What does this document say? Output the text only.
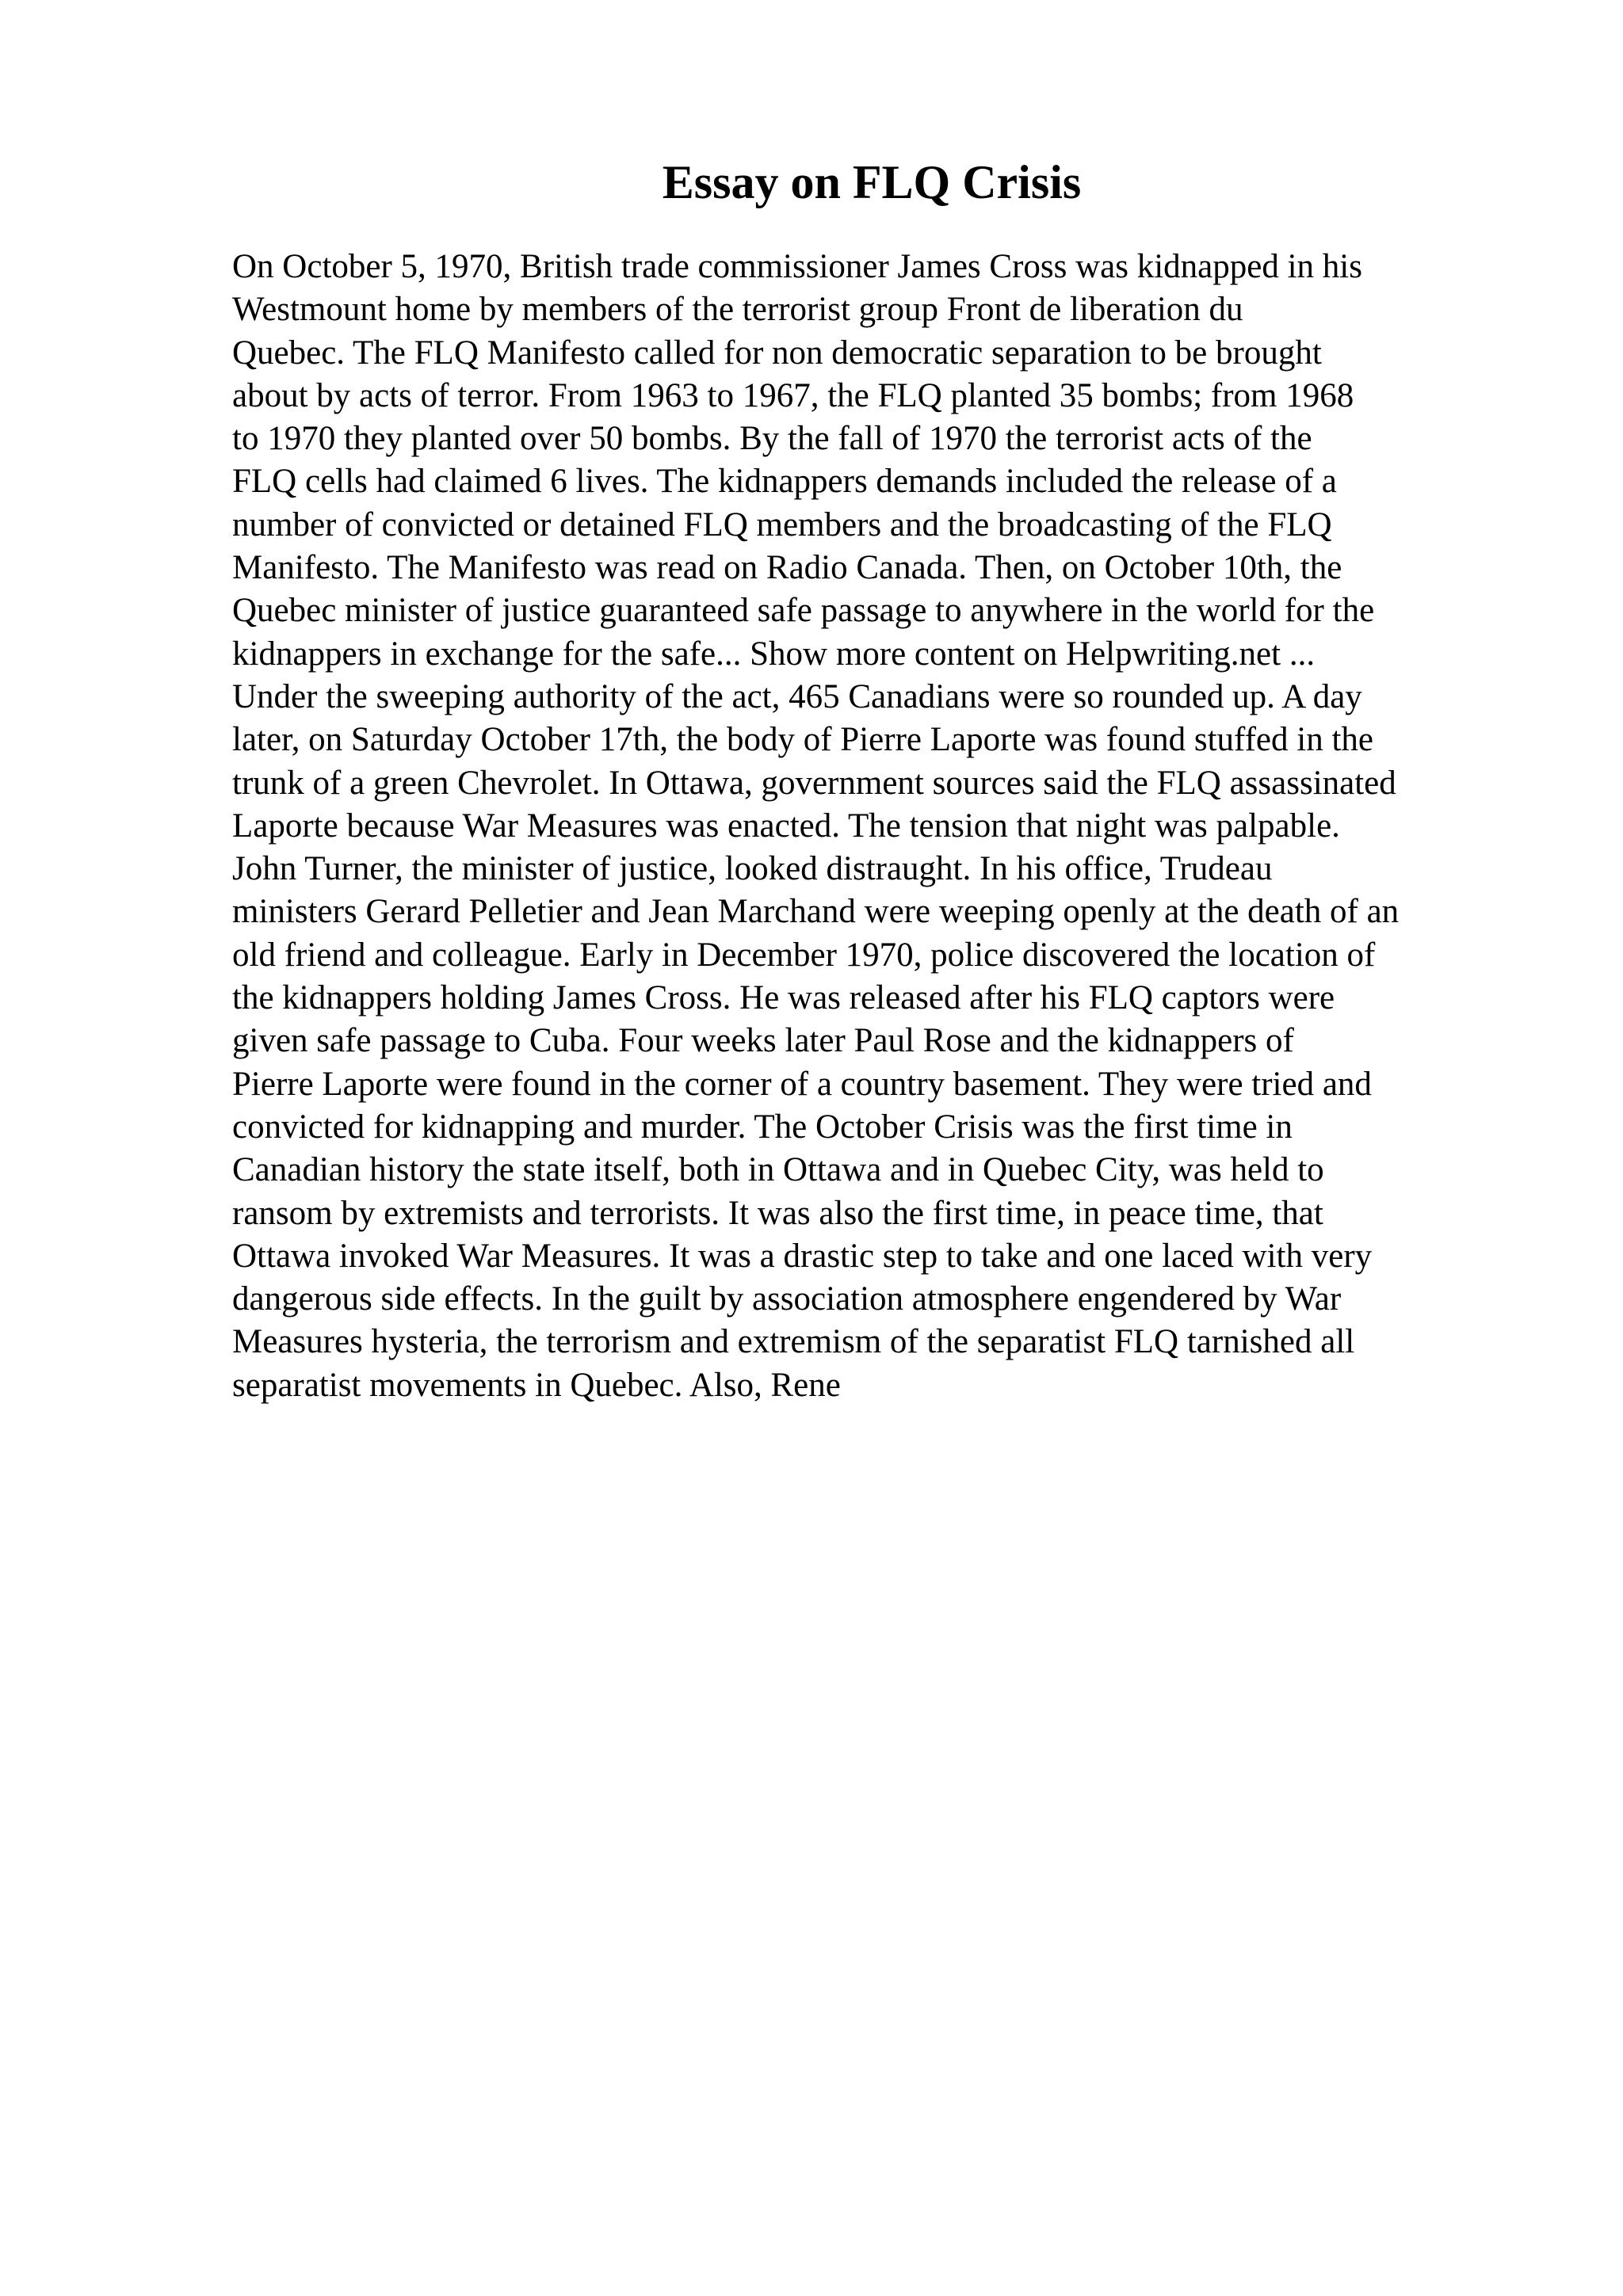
Essay on FLQ Crisis
On October 5, 1970, British trade commissioner James Cross was kidnapped in his
Westmount home by members of the terrorist group Front de liberation du
Quebec. The FLQ Manifesto called for non democratic separation to be brought
about by acts of terror. From 1963 to 1967, the FLQ planted 35 bombs; from 1968
to 1970 they planted over 50 bombs. By the fall of 1970 the terrorist acts of the
FLQ cells had claimed 6 lives. The kidnappers demands included the release of a
number of convicted or detained FLQ members and the broadcasting of the FLQ
Manifesto. The Manifesto was read on Radio Canada. Then, on October 10th, the
Quebec minister of justice guaranteed safe passage to anywhere in the world for the
kidnappers in exchange for the safe... Show more content on Helpwriting.net ...
Under the sweeping authority of the act, 465 Canadians were so rounded up. A day
later, on Saturday October 17th, the body of Pierre Laporte was found stuffed in the
trunk of a green Chevrolet. In Ottawa, government sources said the FLQ assassinated
Laporte because War Measures was enacted. The tension that night was palpable.
John Turner, the minister of justice, looked distraught. In his office, Trudeau
ministers Gerard Pelletier and Jean Marchand were weeping openly at the death of an
old friend and colleague. Early in December 1970, police discovered the location of
the kidnappers holding James Cross. He was released after his FLQ captors were
given safe passage to Cuba. Four weeks later Paul Rose and the kidnappers of
Pierre Laporte were found in the corner of a country basement. They were tried and
convicted for kidnapping and murder. The October Crisis was the first time in
Canadian history the state itself, both in Ottawa and in Quebec City, was held to
ransom by extremists and terrorists. It was also the first time, in peace time, that
Ottawa invoked War Measures. It was a drastic step to take and one laced with very
dangerous side effects. In the guilt by association atmosphere engendered by War
Measures hysteria, the terrorism and extremism of the separatist FLQ tarnished all
separatist movements in Quebec. Also, Rene
